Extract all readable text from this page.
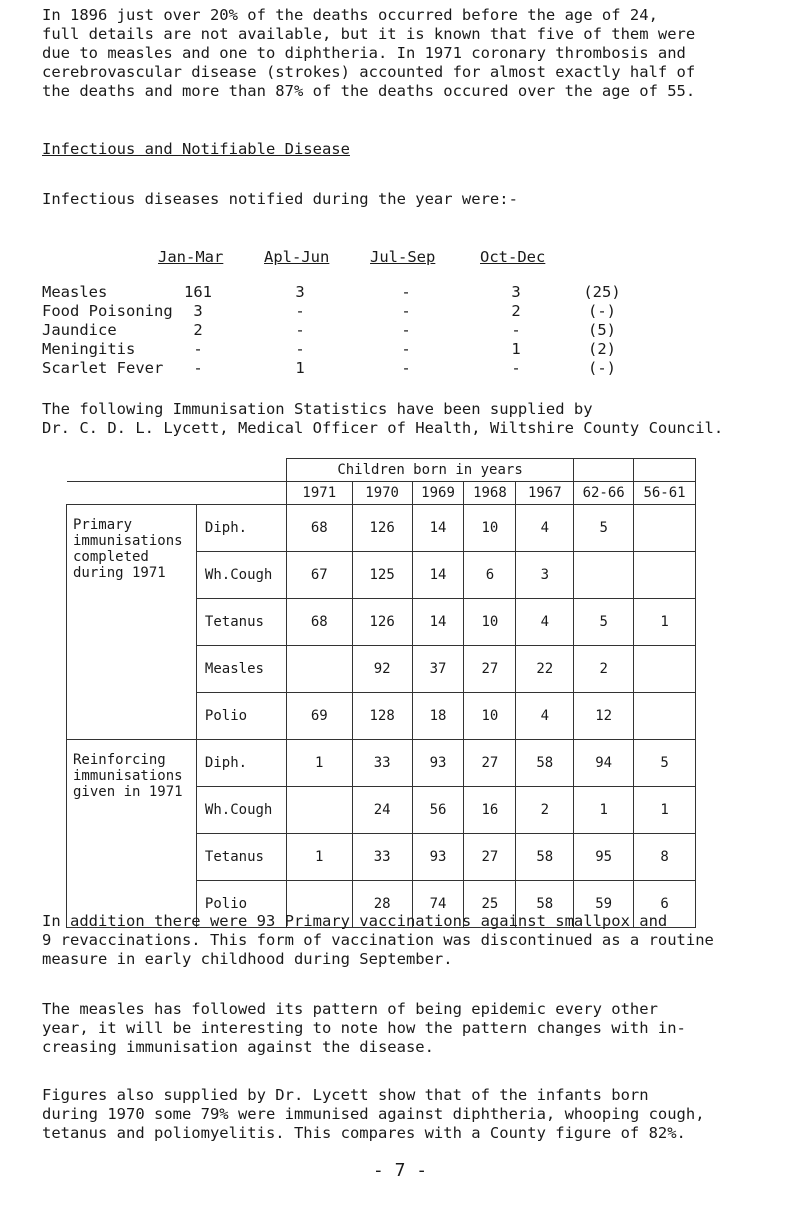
In 1896 just over 20% of the deaths occurred before the age of 24,
full details are not available, but it is known that five of them were
due to measles and one to diphtheria. In 1971 coronary thrombosis and
cerebrovascular disease (strokes) accounted for almost exactly half of
the deaths and more than 87% of the deaths occured over the age of 55.
Infectious and Notifiable Disease
Infectious diseases notified during the year were:-
Jan-Mar	Apl-Jun	Jul-Sep	Oct-Dec
Measles	161	3	-	3	(25)
Food Poisoning	3	-	-	2	(-)
Jaundice	2	-	-	-	(5)
Meningitis	-	-	-	1	(2)
Scarlet Fever	-	1	-	-	(-)
The following Immunisation Statistics have been supplied by
Dr. C. D. L. Lycett, Medical Officer of Health, Wiltshire County Council.
		Children born in years						
		1971	1970	1969	1968	1967	62-66	56-61
Primary immunisations completed during 1971	Diph.	68	126	14	10	4	5	
	Wh.Cough	67	125	14	6	3		
	Tetanus	68	126	14	10	4	5	1
	Measles		92	37	27	22	2	
	Polio	69	128	18	10	4	12	
Reinforcing immunisations given in 1971	Diph.	1	33	93	27	58	94	5
	Wh.Cough		24	56	16	2	1	1
	Tetanus	1	33	93	27	58	95	8
	Polio		28	74	25	58	59	6
In addition there were 93 Primary vaccinations against smallpox and
9 revaccinations. This form of vaccination was discontinued as a routine
measure in early childhood during September.
The measles has followed its pattern of being epidemic every other
year, it will be interesting to note how the pattern changes with in-
creasing immunisation against the disease.
Figures also supplied by Dr. Lycett show that of the infants born
during 1970 some 79% were immunised against diphtheria, whooping cough,
tetanus and poliomyelitis. This compares with a County figure of 82%.
- 7 -
